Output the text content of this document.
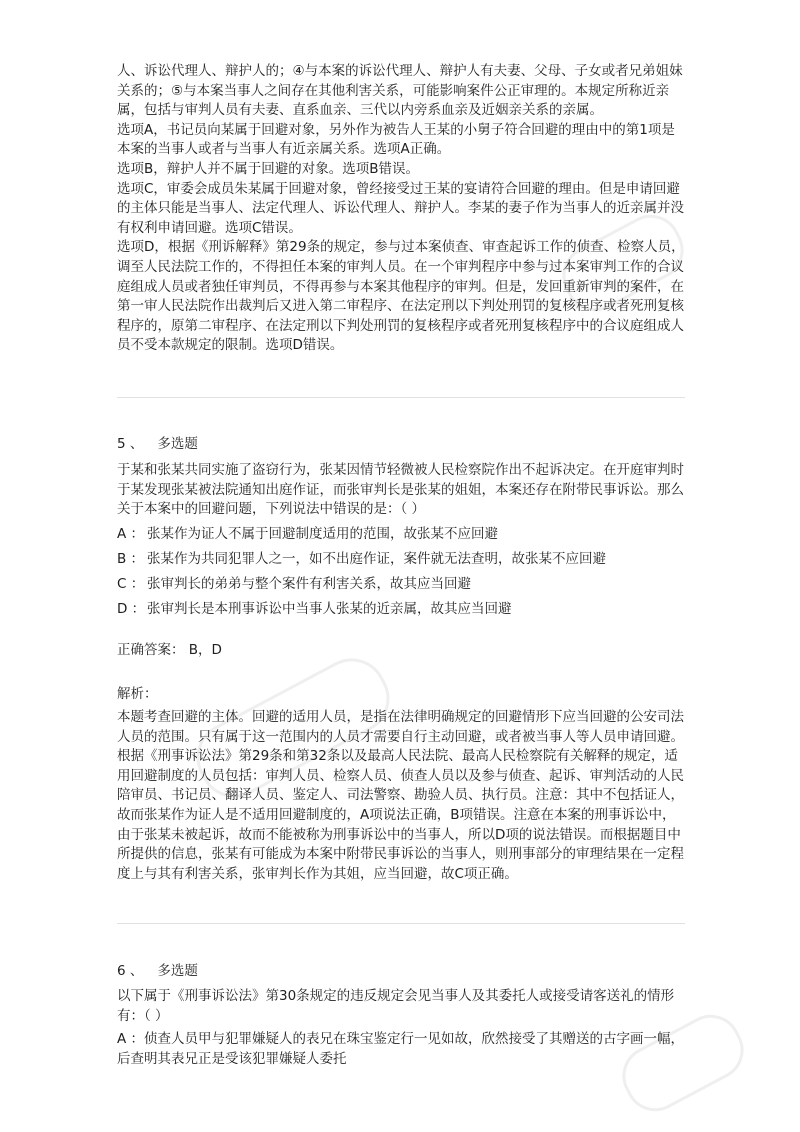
人、诉讼代理人、辩护人的；④与本案的诉讼代理人、辩护人有夫妻、父母、子女或者兄弟姐妹关系的；⑤与本案当事人之间存在其他利害关系，可能影响案件公正审理的。本规定所称近亲属，包括与审判人员有夫妻、直系血亲、三代以内旁系血亲及近姻亲关系的亲属。

选项A，书记员向某属于回避对象，另外作为被告人王某的小舅子符合回避的理由中的第1项是本案的当事人或者与当事人有近亲属关系。选项A正确。

选项B，辩护人并不属于回避的对象。选项B错误。

选项C，审委会成员朱某属于回避对象，曾经接受过王某的宴请符合回避的理由。但是申请回避的主体只能是当事人、法定代理人、诉讼代理人、辩护人。李某的妻子作为当事人的近亲属并没有权利申请回避。选项C错误。

选项D，根据《刑诉解释》第29条的规定，参与过本案侦查、审查起诉工作的侦查、检察人员，调至人民法院工作的，不得担任本案的审判人员。在一个审判程序中参与过本案审判工作的合议庭组成人员或者独任审判员，不得再参与本案其他程序的审判。但是，发回重新审判的案件，在第一审人民法院作出裁判后又进入第二审程序、在法定刑以下判处刑罚的复核程序或者死刑复核程序的，原第二审程序、在法定刑以下判处刑罚的复核程序或者死刑复核程序中的合议庭组成人员不受本款规定的限制。选项D错误。

5 、 多选题
于某和张某共同实施了盗窃行为，张某因情节轻微被人民检察院作出不起诉决定。在开庭审判时于某发现张某被法院通知出庭作证，而张审判长是张某的姐姐，本案还存在附带民事诉讼。那么关于本案中的回避问题，下列说法中错误的是：（ ）
A ： 张某作为证人不属于回避制度适用的范围，故张某不应回避
B ： 张某作为共同犯罪人之一，如不出庭作证，案件就无法查明，故张某不应回避
C ： 张审判长的弟弟与整个案件有利害关系，故其应当回避
D ： 张审判长是本刑事诉讼中当事人张某的近亲属，故其应当回避
正确答案： B，D
解析：
本题考查回避的主体。回避的适用人员，是指在法律明确规定的回避情形下应当回避的公安司法人员的范围。只有属于这一范围内的人员才需要自行主动回避，或者被当事人等人员申请回避。根据《刑事诉讼法》第29条和第32条以及最高人民法院、最高人民检察院有关解释的规定，适用回避制度的人员包括：审判人员、检察人员、侦查人员以及参与侦查、起诉、审判活动的人民陪审员、书记员、翻译人员、鉴定人、司法警察、勘验人员、执行员。注意：其中不包括证人，故而张某作为证人是不适用回避制度的，A项说法正确，B项错误。注意在本案的刑事诉讼中，由于张某未被起诉，故而不能被称为刑事诉讼中的当事人，所以D项的说法错误。而根据题目中所提供的信息，张某有可能成为本案中附带民事诉讼的当事人，则刑事部分的审理结果在一定程度上与其有利害关系，张审判长作为其姐，应当回避，故C项正确。
6 、 多选题
以下属于《刑事诉讼法》第30条规定的违反规定会见当事人及其委托人或接受请客送礼的情形有：（ ）
A ：侦查人员甲与犯罪嫌疑人的表兄在珠宝鉴定行一见如故，欣然接受了其赠送的古字画一幅，后查明其表兄正是受该犯罪嫌疑人委托
